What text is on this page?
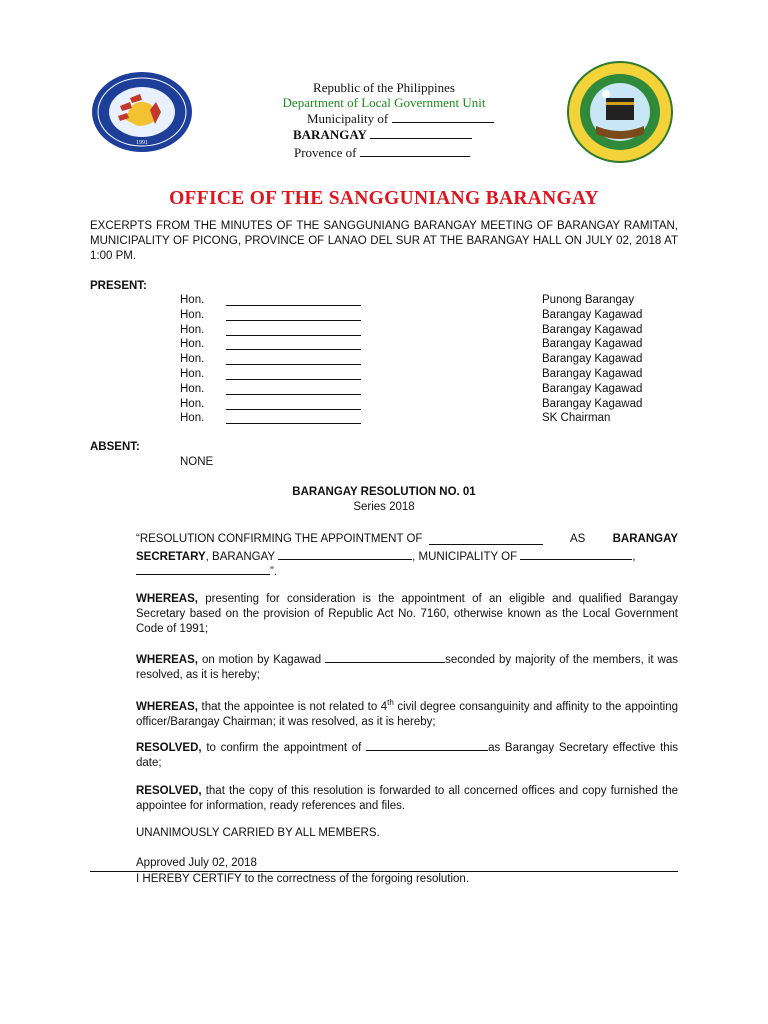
1991
Republic of the Philippines
Department of Local Government Unit
Municipality of
BARANGAY
Provence of
OFFICE OF THE SANGGUNIANG BARANGAY
EXCERPTS FROM THE MINUTES OF THE SANGGUNIANG BARANGAY MEETING OF BARANGAY RAMITAN, MUNICIPALITY OF PICONG, PROVINCE OF LANAO DEL SUR AT THE BARANGAY HALL ON JULY 02, 2018 AT 1:00 PM.
PRESENT:
Hon.	Punong Barangay
Hon.	Barangay Kagawad
Hon.	Barangay Kagawad
Hon.	Barangay Kagawad
Hon.	Barangay Kagawad
Hon.	Barangay Kagawad
Hon.	Barangay Kagawad
Hon.	Barangay Kagawad
Hon.	SK Chairman
ABSENT:
NONE
BARANGAY RESOLUTION NO. 01
Series 2018
“RESOLUTION CONFIRMING THE APPOINTMENT OF	AS BARANGAY
SECRETARY, BARANGAY	, MUNICIPALITY OF	,
”.
WHEREAS, presenting for consideration is the appointment of an eligible and qualified Barangay Secretary based on the provision of Republic Act No. 7160, otherwise known as the Local Government Code of 1991;
WHEREAS, on motion by Kagawad	seconded by majority of the members, it was resolved, as it is hereby;
WHEREAS, that the appointee is not related to 4th civil degree consanguinity and affinity to the appointing officer/Barangay Chairman; it was resolved, as it is hereby;
RESOLVED, to confirm the appointment of	as Barangay Secretary effective this date;
RESOLVED, that the copy of this resolution is forwarded to all concerned offices and copy furnished the appointee for information, ready references and files.
UNANIMOUSLY CARRIED BY ALL MEMBERS.
Approved July 02, 2018
I HEREBY CERTIFY to the correctness of the forgoing resolution.
